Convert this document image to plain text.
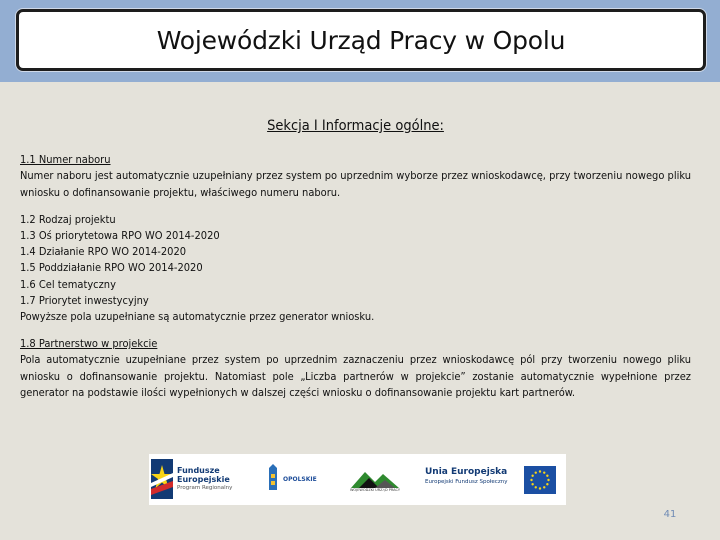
Wojewódzki Urząd Pracy w Opolu
Sekcja I Informacje ogólne:
1.1 Numer naboru
Numer naboru jest automatycznie uzupełniany przez system po uprzednim wyborze przez wnioskodawcę, przy tworzeniu nowego pliku wniosku o dofinansowanie projektu, właściwego numeru naboru.
1.2 Rodzaj projektu
1.3 Oś priorytetowa RPO WO 2014-2020
1.4 Działanie RPO WO 2014-2020
1.5 Poddziałanie RPO WO 2014-2020
1.6 Cel tematyczny
1.7 Priorytet inwestycyjny
Powyższe pola uzupełniane są automatycznie przez generator wniosku.
1.8 Partnerstwo w projekcie
Pola automatycznie uzupełniane przez system po uprzednim zaznaczeniu przez wnioskodawcę pól przy tworzeniu nowego pliku wniosku o dofinansowanie projektu. Natomiast pole „Liczba partnerów w projekcie” zostanie automatycznie wypełnione przez generator na podstawie ilości wypełnionych w dalszej części wniosku o dofinansowanie projektu kart partnerów.
Fundusze
Europejskie
Program Regionalny
OPOLSKIE
WOJEWÓDZKI URZĄD PRACY
Unia Europejska
Europejski Fundusz Społeczny
41
